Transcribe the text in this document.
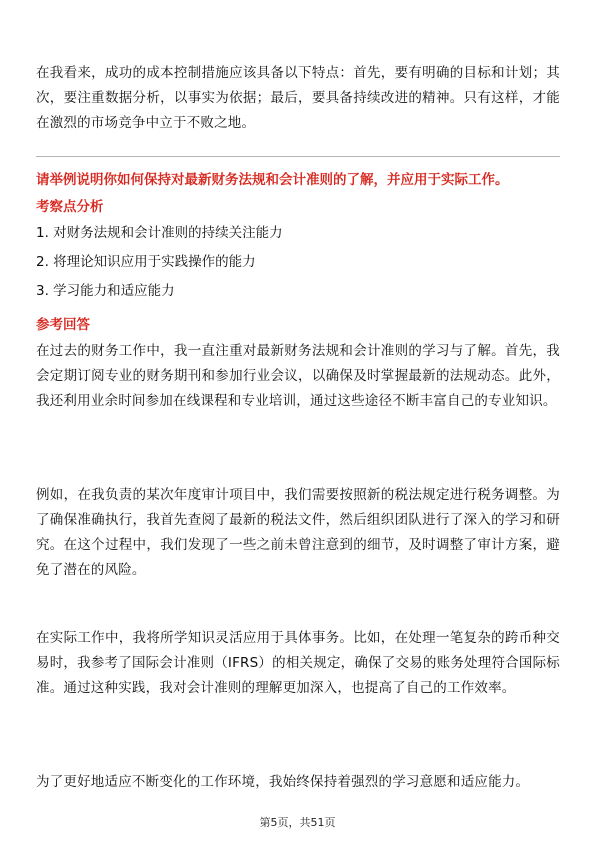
在我看来，成功的成本控制措施应该具备以下特点：首先，要有明确的目标和计划；其次，要注重数据分析，以事实为依据；最后，要具备持续改进的精神。只有这样，才能在激烈的市场竞争中立于不败之地。

请举例说明你如何保持对最新财务法规和会计准则的了解，并应用于实际工作。

考察点分析

1. 对财务法规和会计准则的持续关注能力

2. 将理论知识应用于实践操作的能力

3. 学习能力和适应能力

参考回答

在过去的财务工作中，我一直注重对最新财务法规和会计准则的学习与了解。首先，我会定期订阅专业的财务期刊和参加行业会议，以确保及时掌握最新的法规动态。此外，我还利用业余时间参加在线课程和专业培训，通过这些途径不断丰富自己的专业知识。

例如，在我负责的某次年度审计项目中，我们需要按照新的税法规定进行税务调整。为了确保准确执行，我首先查阅了最新的税法文件，然后组织团队进行了深入的学习和研究。在这个过程中，我们发现了一些之前未曾注意到的细节，及时调整了审计方案，避免了潜在的风险。

在实际工作中，我将所学知识灵活应用于具体事务。比如，在处理一笔复杂的跨币种交易时，我参考了国际会计准则（IFRS）的相关规定，确保了交易的账务处理符合国际标准。通过这种实践，我对会计准则的理解更加深入，也提高了自己的工作效率。

为了更好地适应不断变化的工作环境，我始终保持着强烈的学习意愿和适应能力。

第5页，共51页
